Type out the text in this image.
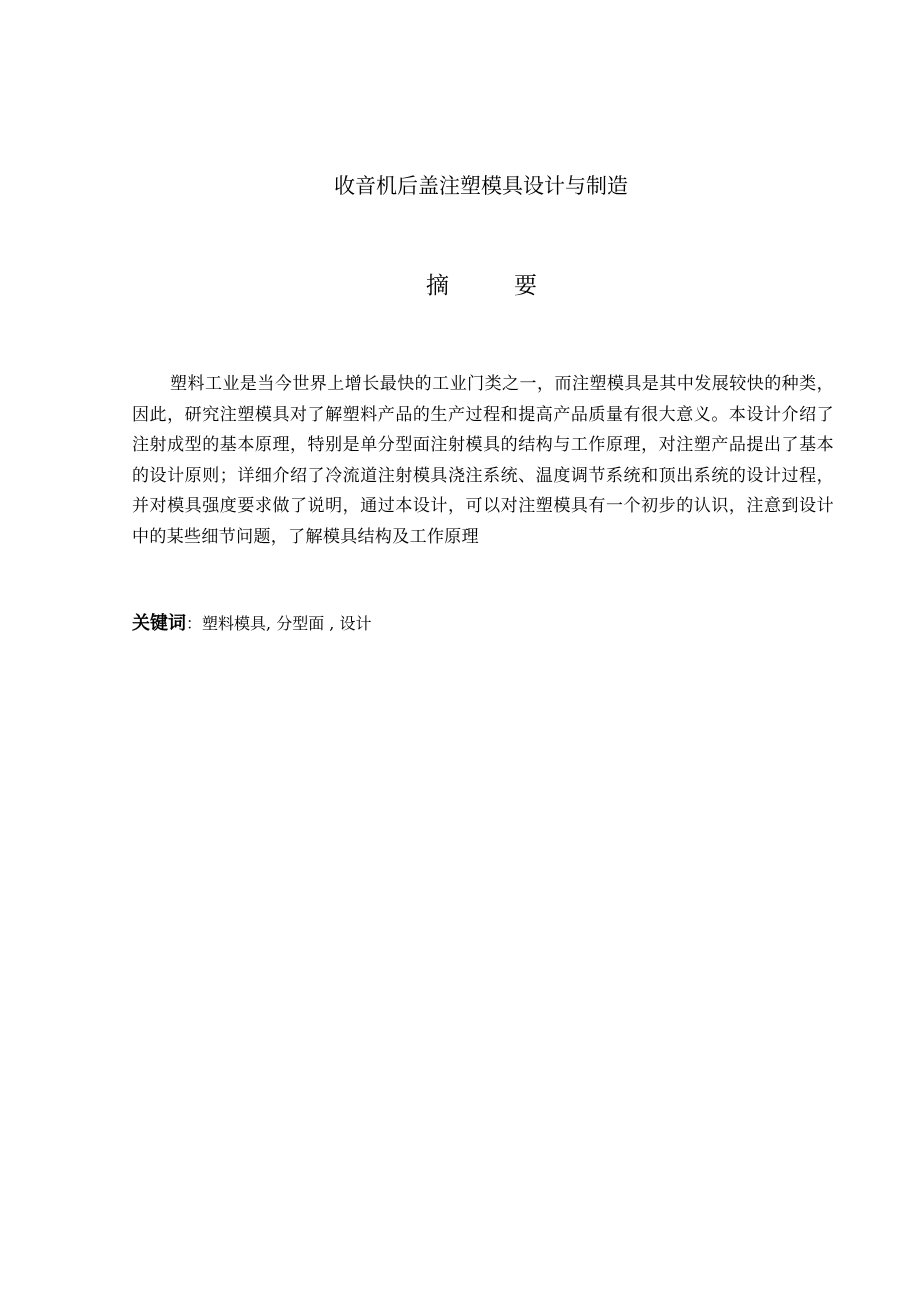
收音机后盖注塑模具设计与制造
摘	要

塑料工业是当今世界上增长最快的工业门类之一，而注塑模具是其中发展较快的种类，因此，研究注塑模具对了解塑料产品的生产过程和提高产品质量有很大意义。本设计介绍了注射成型的基本原理，特别是单分型面注射模具的结构与工作原理，对注塑产品提出了基本的设计原则；详细介绍了冷流道注射模具浇注系统、温度调节系统和顶出系统的设计过程，并对模具强度要求做了说明，通过本设计，可以对注塑模具有一个初步的认识，注意到设计中的某些细节问题，了解模具结构及工作原理

关键词：塑料模具, 分型面 , 设计
